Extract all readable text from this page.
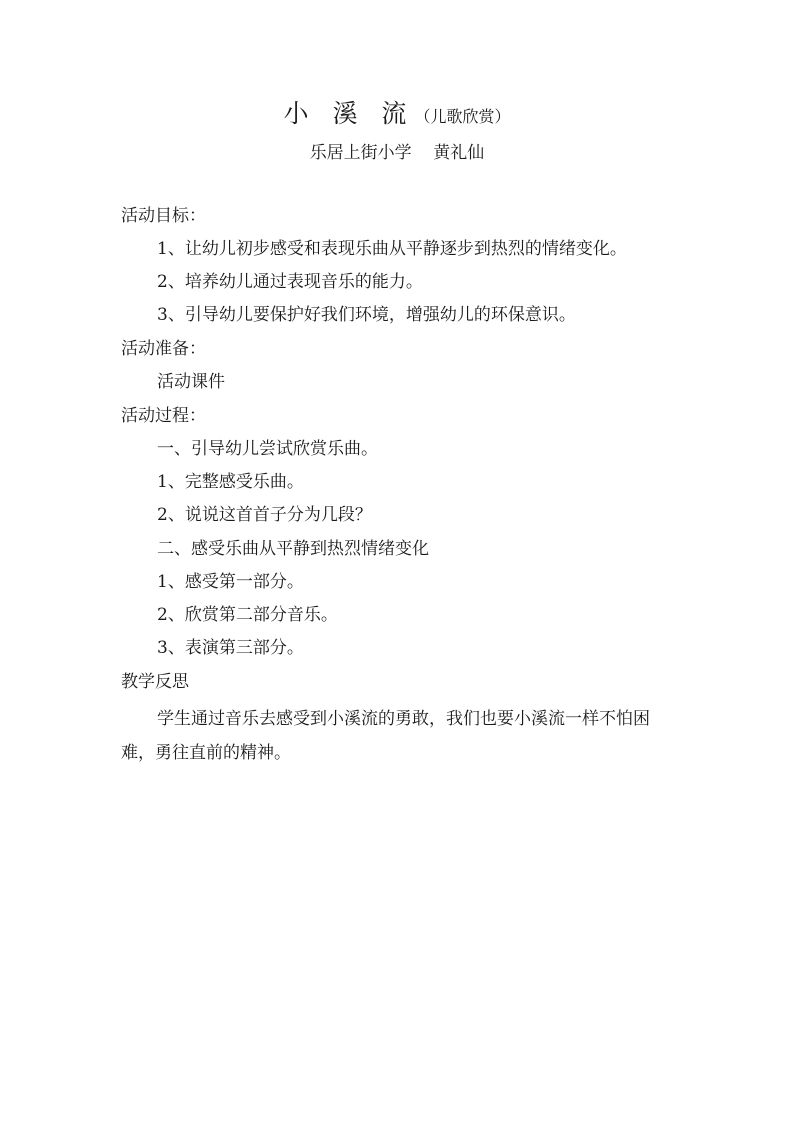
小 溪 流（儿歌欣赏）
乐居上街小学    黄礼仙
活动目标：
1、让幼儿初步感受和表现乐曲从平静逐步到热烈的情绪变化。
2、培养幼儿通过表现音乐的能力。
3、引导幼儿要保护好我们环境，增强幼儿的环保意识。
活动准备：
活动课件
活动过程：
一、引导幼儿尝试欣赏乐曲。
1、完整感受乐曲。
2、说说这首首子分为几段？
二、感受乐曲从平静到热烈情绪变化
1、感受第一部分。
2、欣赏第二部分音乐。
3、表演第三部分。
教学反思
学生通过音乐去感受到小溪流的勇敢，我们也要小溪流一样不怕困难，勇往直前的精神。
